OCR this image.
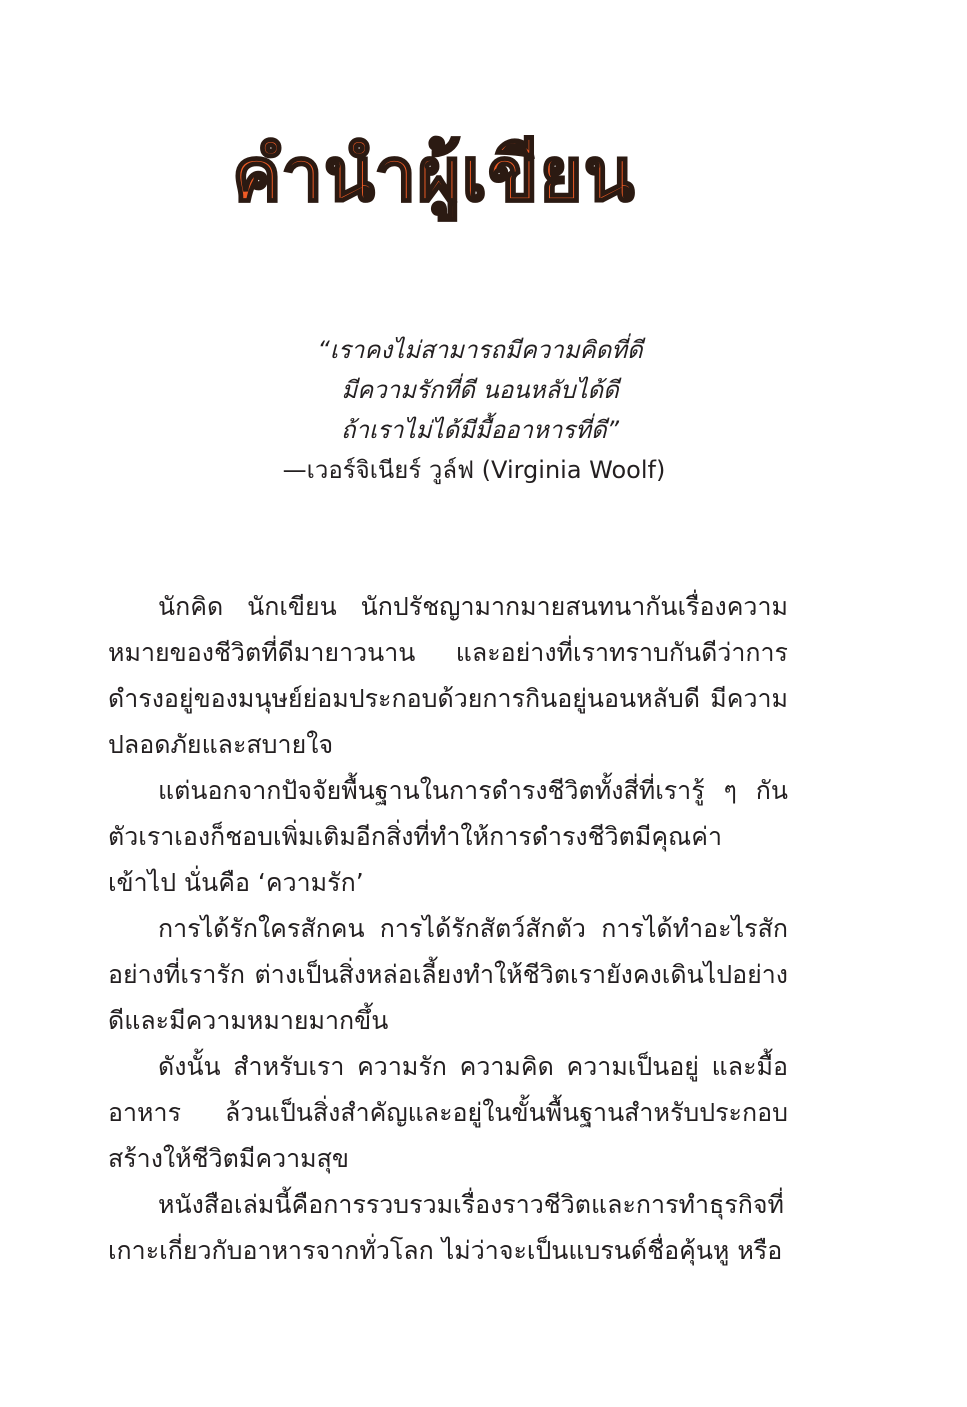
คำนำผู้เขียน
“เราคงไม่สามารถมีความคิดที่ดี
มีความรักที่ดี นอนหลับได้ดี
ถ้าเราไม่ได้มีมื้ออาหารที่ดี”
—เวอร์จิเนียร์ วูล์ฟ (Virginia Woolf)

นักคิด นักเขียน นักปรัชญามากมายสนทนากันเรื่องความหมายของชีวิตที่ดีมายาวนาน และอย่างที่เราทราบกันดีว่าการดำรงอยู่ของมนุษย์ย่อมประกอบด้วยการกินอยู่นอนหลับดี มีความปลอดภัยและสบายใจ

แต่นอกจากปัจจัยพื้นฐานในการดำรงชีวิตทั้งสี่ที่เรารู้ ๆ กัน ตัวเราเองก็ชอบเพิ่มเติมอีกสิ่งที่ทำให้การดำรงชีวิตมีคุณค่าเข้าไป นั่นคือ ‘ความรัก’

การได้รักใครสักคน การได้รักสัตว์สักตัว การได้ทำอะไรสักอย่างที่เรารัก ต่างเป็นสิ่งหล่อเลี้ยงทำให้ชีวิตเรายังคงเดินไปอย่างดีและมีความหมายมากขึ้น

ดังนั้น สำหรับเรา ความรัก ความคิด ความเป็นอยู่ และมื้ออาหาร ล้วนเป็นสิ่งสำคัญและอยู่ในขั้นพื้นฐานสำหรับประกอบสร้างให้ชีวิตมีความสุข

หนังสือเล่มนี้คือการรวบรวมเรื่องราวชีวิตและการทำธุรกิจที่เกาะเกี่ยวกับอาหารจากทั่วโลก ไม่ว่าจะเป็นแบรนด์ชื่อคุ้นหู หรือ
